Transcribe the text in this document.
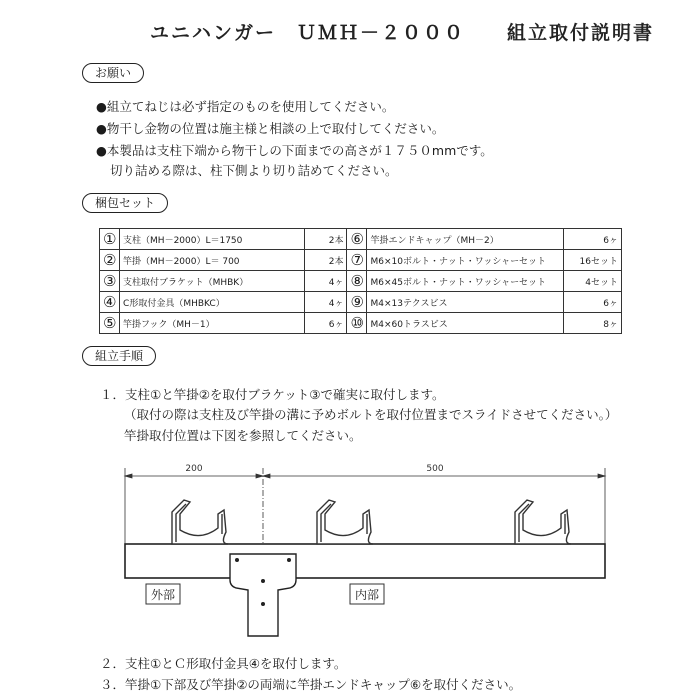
ユニハンガー　ＵＭＨ－２０００　　組立取付説明書
お願い
●組立てねじは必ず指定のものを使用してください。
●物干し金物の位置は施主様と相談の上で取付してください。
●本製品は支柱下端から物干しの下面までの高さが１７５０mmです。
切り詰める際は、柱下側より切り詰めてください。
梱包セット
①	支柱（MH－2000）L＝1750	2本	⑥	竿掛エンドキャップ（MH－2）	6ヶ
②	竿掛（MH－2000）L＝ 700	2本	⑦	M6×10ボルト・ナット・ワッシャーセット	16セット
③	支柱取付ブラケット（MHBK）	4ヶ	⑧	M6×45ボルト・ナット・ワッシャーセット	4セット
④	C形取付金具（MHBKC）	4ヶ	⑨	M4×13テクスビス	6ヶ
⑤	竿掛フック（MH－1）	6ヶ	⑩	M4×60トラスビス	8ヶ
組立手順
１．支柱①と竿掛②を取付ブラケット③で確実に取付します。
（取付の際は支柱及び竿掛の溝に予めボルトを取付位置までスライドさせてください。）
竿掛取付位置は下図を参照してください。
200	500
外部	内部
２．支柱①とＣ形取付金具④を取付します。
３．竿掛①下部及び竿掛②の両端に竿掛エンドキャップ⑥を取付ください。
